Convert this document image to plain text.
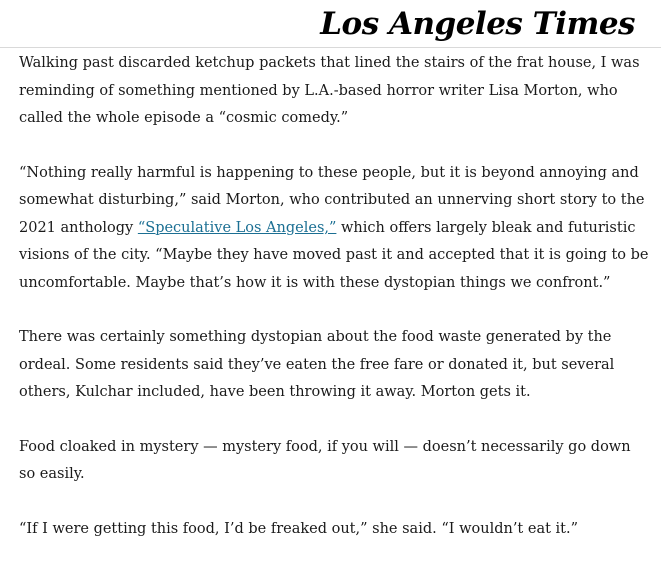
Los Angeles Times

Walking past discarded ketchup packets that lined the stairs of the frat house, I was reminding of something mentioned by L.A.-based horror writer Lisa Morton, who called the whole episode a “cosmic comedy.”

“Nothing really harmful is happening to these people, but it is beyond annoying and somewhat disturbing,” said Morton, who contributed an unnerving short story to the 2021 anthology “Speculative Los Angeles,” which offers largely bleak and futuristic visions of the city. “Maybe they have moved past it and accepted that it is going to be uncomfortable. Maybe that’s how it is with these dystopian things we confront.”

There was certainly something dystopian about the food waste generated by the ordeal. Some residents said they’ve eaten the free fare or donated it, but several others, Kulchar included, have been throwing it away. Morton gets it.

Food cloaked in mystery — mystery food, if you will — doesn’t necessarily go down so easily.

“If I were getting this food, I’d be freaked out,” she said. “I wouldn’t eat it.”
